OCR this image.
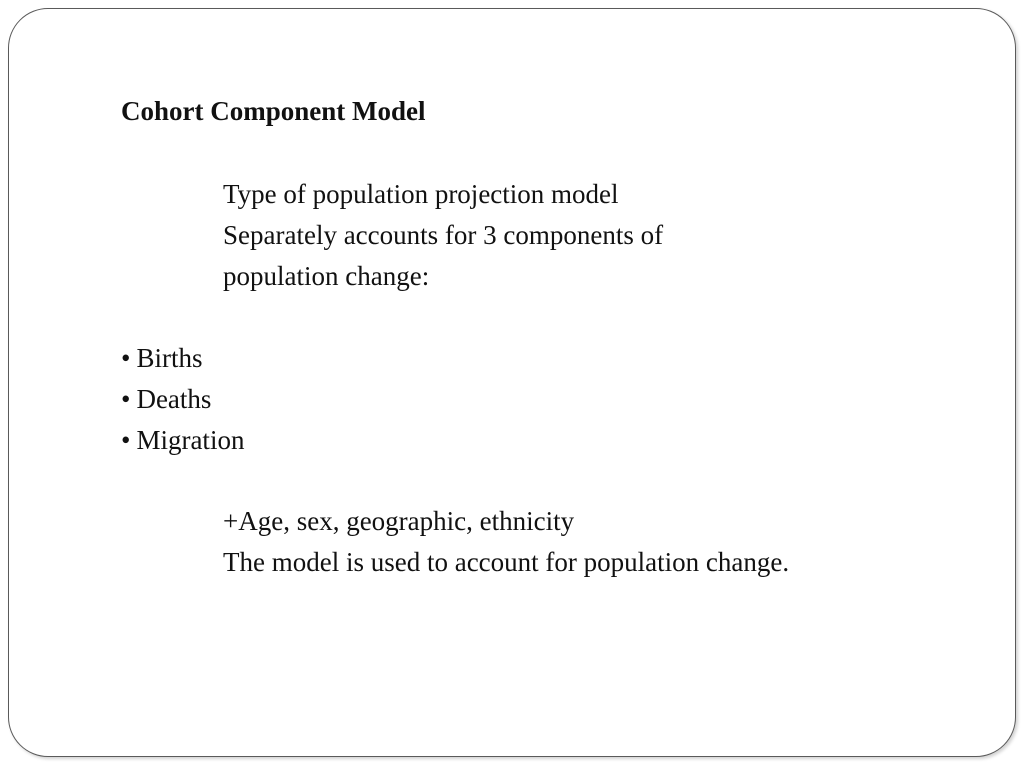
Cohort Component Model
Type of population projection model
Separately accounts for 3 components of
population change:
• Births
• Deaths
• Migration
+Age, sex, geographic, ethnicity
The model is used to account for population change.
